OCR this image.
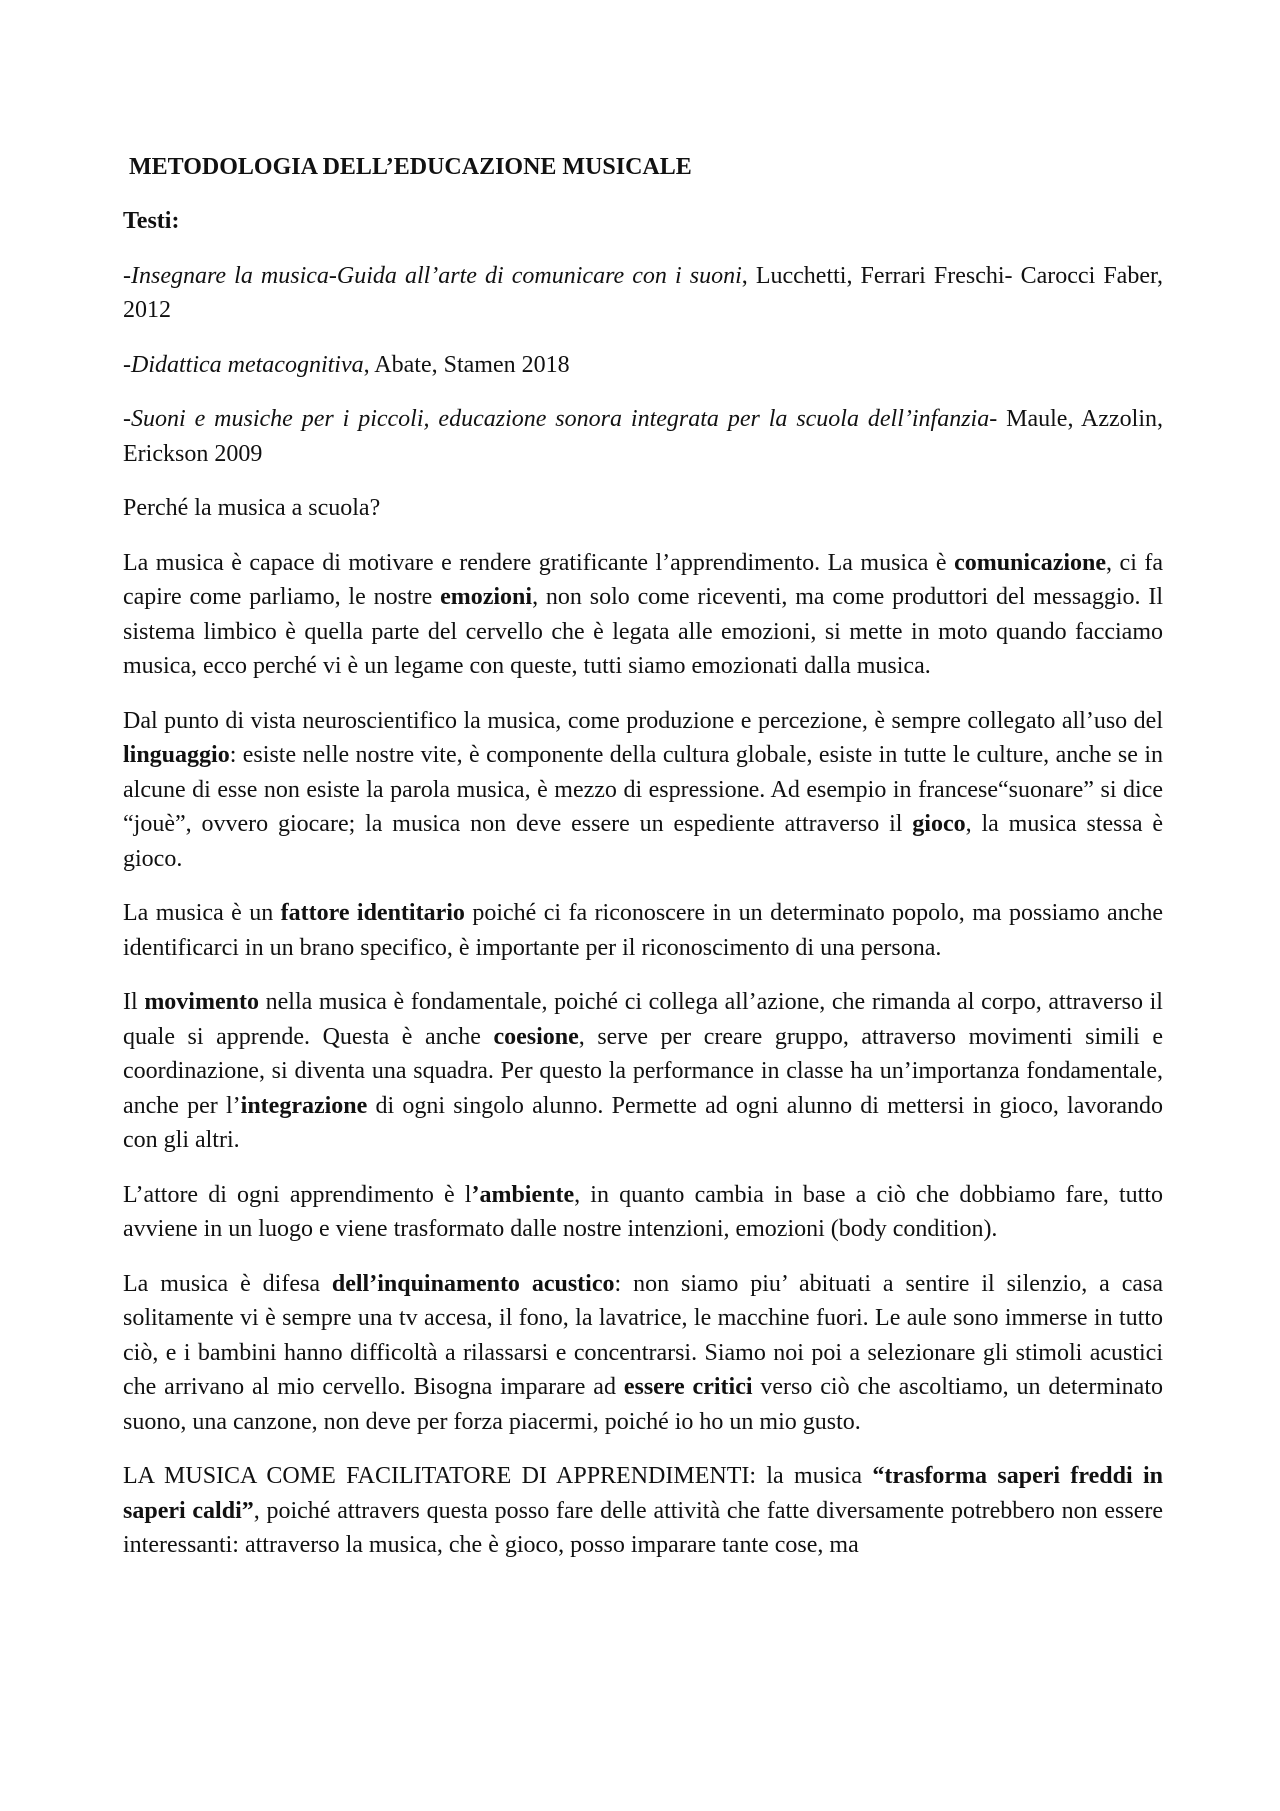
METODOLOGIA DELL’EDUCAZIONE MUSICALE
Testi:

-Insegnare la musica-Guida all’arte di comunicare con i suoni, Lucchetti, Ferrari Freschi- Carocci Faber, 2012

-Didattica metacognitiva, Abate, Stamen 2018

-Suoni e musiche per i piccoli, educazione sonora integrata per la scuola dell’infanzia- Maule, Azzolin, Erickson 2009

Perché la musica a scuola?

La musica è capace di motivare e rendere gratificante l’apprendimento. La musica è comunicazione, ci fa capire come parliamo, le nostre emozioni, non solo come riceventi, ma come produttori del messaggio. Il sistema limbico è quella parte del cervello che è legata alle emozioni, si mette in moto quando facciamo musica, ecco perché vi è un legame con queste, tutti siamo emozionati dalla musica.

Dal punto di vista neuroscientifico la musica, come produzione e percezione, è sempre collegato all’uso del linguaggio: esiste nelle nostre vite, è componente della cultura globale, esiste in tutte le culture, anche se in alcune di esse non esiste la parola musica, è mezzo di espressione. Ad esempio in francese“suonare” si dice “jouè”, ovvero giocare; la musica non deve essere un espediente attraverso il gioco, la musica stessa è gioco.

La musica è un fattore identitario poiché ci fa riconoscere in un determinato popolo, ma possiamo anche identificarci in un brano specifico, è importante per il riconoscimento di una persona.

Il movimento nella musica è fondamentale, poiché ci collega all’azione, che rimanda al corpo, attraverso il quale si apprende. Questa è anche coesione, serve per creare gruppo, attraverso movimenti simili e coordinazione, si diventa una squadra. Per questo la performance in classe ha un’importanza fondamentale, anche per l’integrazione di ogni singolo alunno. Permette ad ogni alunno di mettersi in gioco, lavorando con gli altri.

L’attore di ogni apprendimento è l’ambiente, in quanto cambia in base a ciò che dobbiamo fare, tutto avviene in un luogo e viene trasformato dalle nostre intenzioni, emozioni (body condition).

La musica è difesa dell’inquinamento acustico: non siamo piu’ abituati a sentire il silenzio, a casa solitamente vi è sempre una tv accesa, il fono, la lavatrice, le macchine fuori. Le aule sono immerse in tutto ciò, e i bambini hanno difficoltà a rilassarsi e concentrarsi. Siamo noi poi a selezionare gli stimoli acustici che arrivano al mio cervello. Bisogna imparare ad essere critici verso ciò che ascoltiamo, un determinato suono, una canzone, non deve per forza piacermi, poiché io ho un mio gusto.

LA MUSICA COME FACILITATORE DI APPRENDIMENTI: la musica “trasforma saperi freddi in saperi caldi”, poiché attravers questa posso fare delle attività che fatte diversamente potrebbero non essere interessanti: attraverso la musica, che è gioco, posso imparare tante cose, ma
